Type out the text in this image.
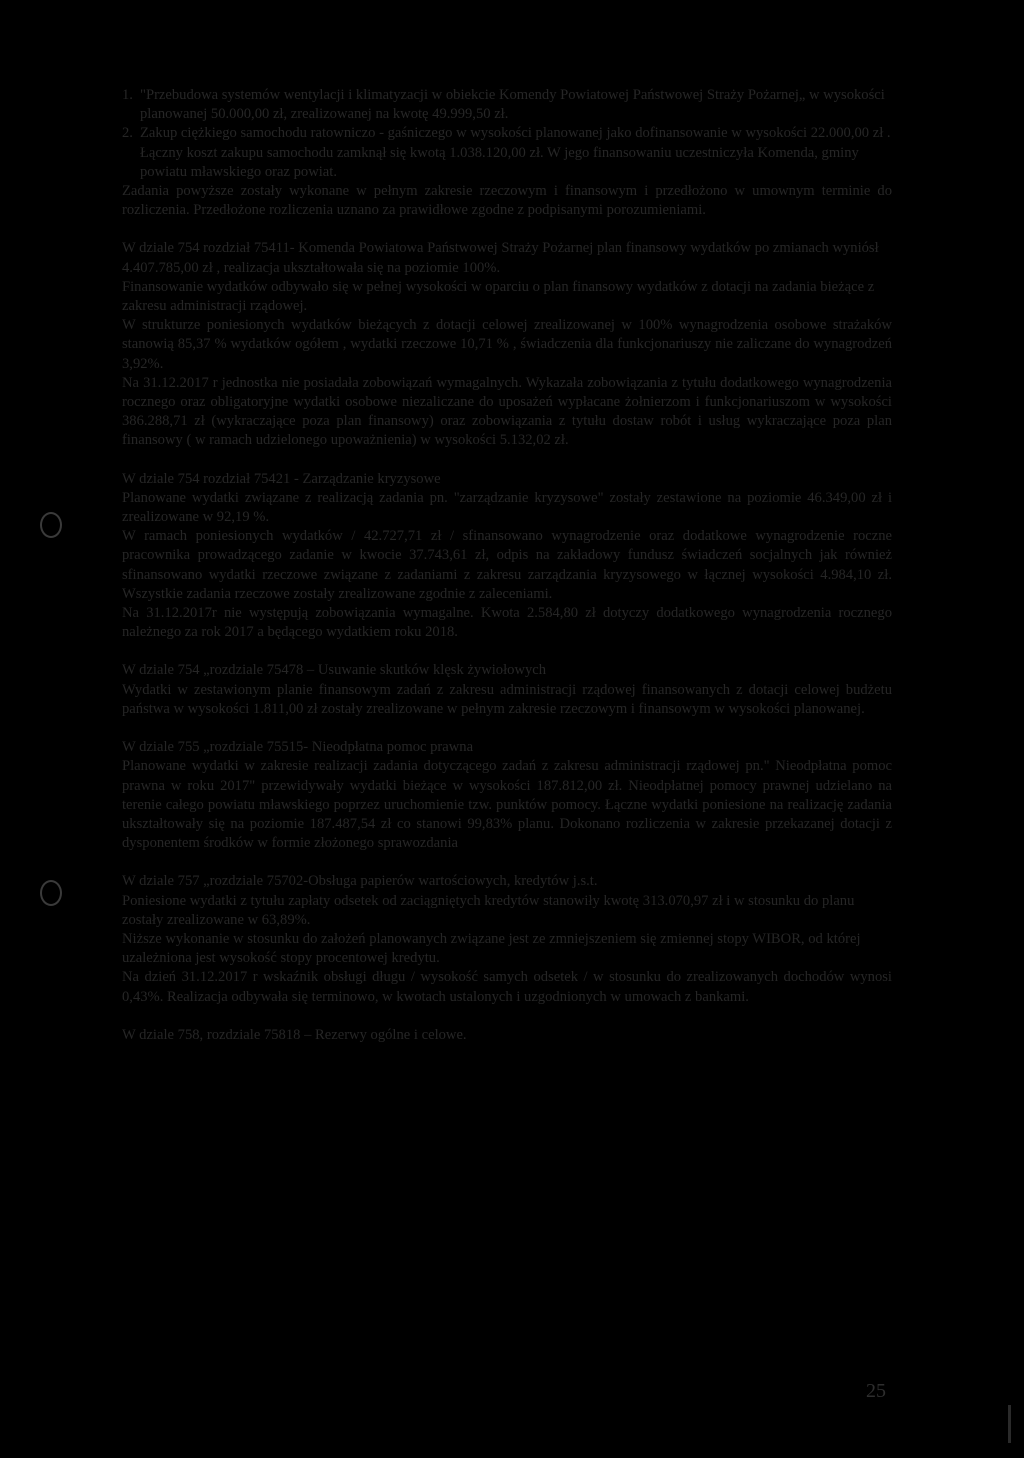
1. "Przebudowa systemów wentylacji i klimatyzacji w obiekcie Komendy Powiatowej Państwowej Straży Pożarnej„ w wysokości planowanej 50.000,00 zł, zrealizowanej na kwotę 49.999,50 zł.
2. Zakup ciężkiego samochodu ratowniczo - gaśniczego w wysokości planowanej jako dofinansowanie w wysokości 22.000,00 zł . Łączny koszt zakupu samochodu zamknął się kwotą 1.038.120,00 zł. W jego finansowaniu uczestniczyła Komenda, gminy powiatu mławskiego oraz powiat.

Zadania powyższe zostały wykonane w pełnym zakresie rzeczowym i finansowym i przedłożono w umownym terminie do rozliczenia. Przedłożone rozliczenia uznano za prawidłowe zgodne z podpisanymi porozumieniami.

W dziale 754 rozdział 75411- Komenda Powiatowa Państwowej Straży Pożarnej plan finansowy wydatków po zmianach wyniósł 4.407.785,00 zł , realizacja ukształtowała się na poziomie 100%.

Finansowanie wydatków odbywało się w pełnej wysokości w oparciu o plan finansowy wydatków z dotacji na zadania bieżące z zakresu administracji rządowej.

W strukturze poniesionych wydatków bieżących z dotacji celowej zrealizowanej w 100% wynagrodzenia osobowe strażaków stanowią 85,37 % wydatków ogółem , wydatki rzeczowe 10,71 % , świadczenia dla funkcjonariuszy nie zaliczane do wynagrodzeń 3,92%.

Na 31.12.2017 r jednostka nie posiadała zobowiązań wymagalnych. Wykazała zobowiązania z tytułu dodatkowego wynagrodzenia rocznego oraz obligatoryjne wydatki osobowe niezaliczane do uposażeń wypłacane żołnierzom i funkcjonariuszom w wysokości 386.288,71 zł (wykraczające poza plan finansowy) oraz zobowiązania z tytułu dostaw robót i usług wykraczające poza plan finansowy ( w ramach udzielonego upoważnienia) w wysokości 5.132,02 zł.

W dziale 754 rozdział 75421 - Zarządzanie kryzysowe

Planowane wydatki związane z realizacją zadania pn. "zarządzanie kryzysowe" zostały zestawione na poziomie 46.349,00 zł i zrealizowane w 92,19 %.

W ramach poniesionych wydatków / 42.727,71 zł / sfinansowano wynagrodzenie oraz dodatkowe wynagrodzenie roczne pracownika prowadzącego zadanie w kwocie 37.743,61 zł, odpis na zakładowy fundusz świadczeń socjalnych jak również sfinansowano wydatki rzeczowe związane z zadaniami z zakresu zarządzania kryzysowego w łącznej wysokości 4.984,10 zł. Wszystkie zadania rzeczowe zostały zrealizowane zgodnie z zaleceniami.

Na 31.12.2017r nie występują zobowiązania wymagalne. Kwota 2.584,80 zł dotyczy dodatkowego wynagrodzenia rocznego należnego za rok 2017 a będącego wydatkiem roku 2018.

W dziale 754 „rozdziale 75478 – Usuwanie skutków klęsk żywiołowych

Wydatki w zestawionym planie finansowym zadań z zakresu administracji rządowej finansowanych z dotacji celowej budżetu państwa w wysokości 1.811,00 zł zostały zrealizowane w pełnym zakresie rzeczowym i finansowym w wysokości planowanej.

W dziale 755 „rozdziale 75515- Nieodpłatna pomoc prawna

Planowane wydatki w zakresie realizacji zadania dotyczącego zadań z zakresu administracji rządowej pn." Nieodpłatna pomoc prawna w roku 2017" przewidywały wydatki bieżące w wysokości 187.812,00 zł. Nieodpłatnej pomocy prawnej udzielano na terenie całego powiatu mławskiego poprzez uruchomienie tzw. punktów pomocy. Łączne wydatki poniesione na realizację zadania ukształtowały się na poziomie 187.487,54 zł co stanowi 99,83% planu. Dokonano rozliczenia w zakresie przekazanej dotacji z dysponentem środków w formie złożonego sprawozdania

W dziale 757 „rozdziale 75702-Obsługa papierów wartościowych, kredytów j.s.t.

Poniesione wydatki z tytułu zapłaty odsetek od zaciągniętych kredytów stanowiły kwotę 313.070,97 zł i w stosunku do planu zostały zrealizowane w 63,89%.

Niższe wykonanie w stosunku do założeń planowanych związane jest ze zmniejszeniem się zmiennej stopy WIBOR, od której uzależniona jest wysokość stopy procentowej kredytu.

Na dzień 31.12.2017 r wskaźnik obsługi długu / wysokość samych odsetek / w stosunku do zrealizowanych dochodów wynosi 0,43%. Realizacja odbywała się terminowo, w kwotach ustalonych i uzgodnionych w umowach z bankami.

W dziale 758, rozdziale 75818 – Rezerwy ogólne i celowe.

25
